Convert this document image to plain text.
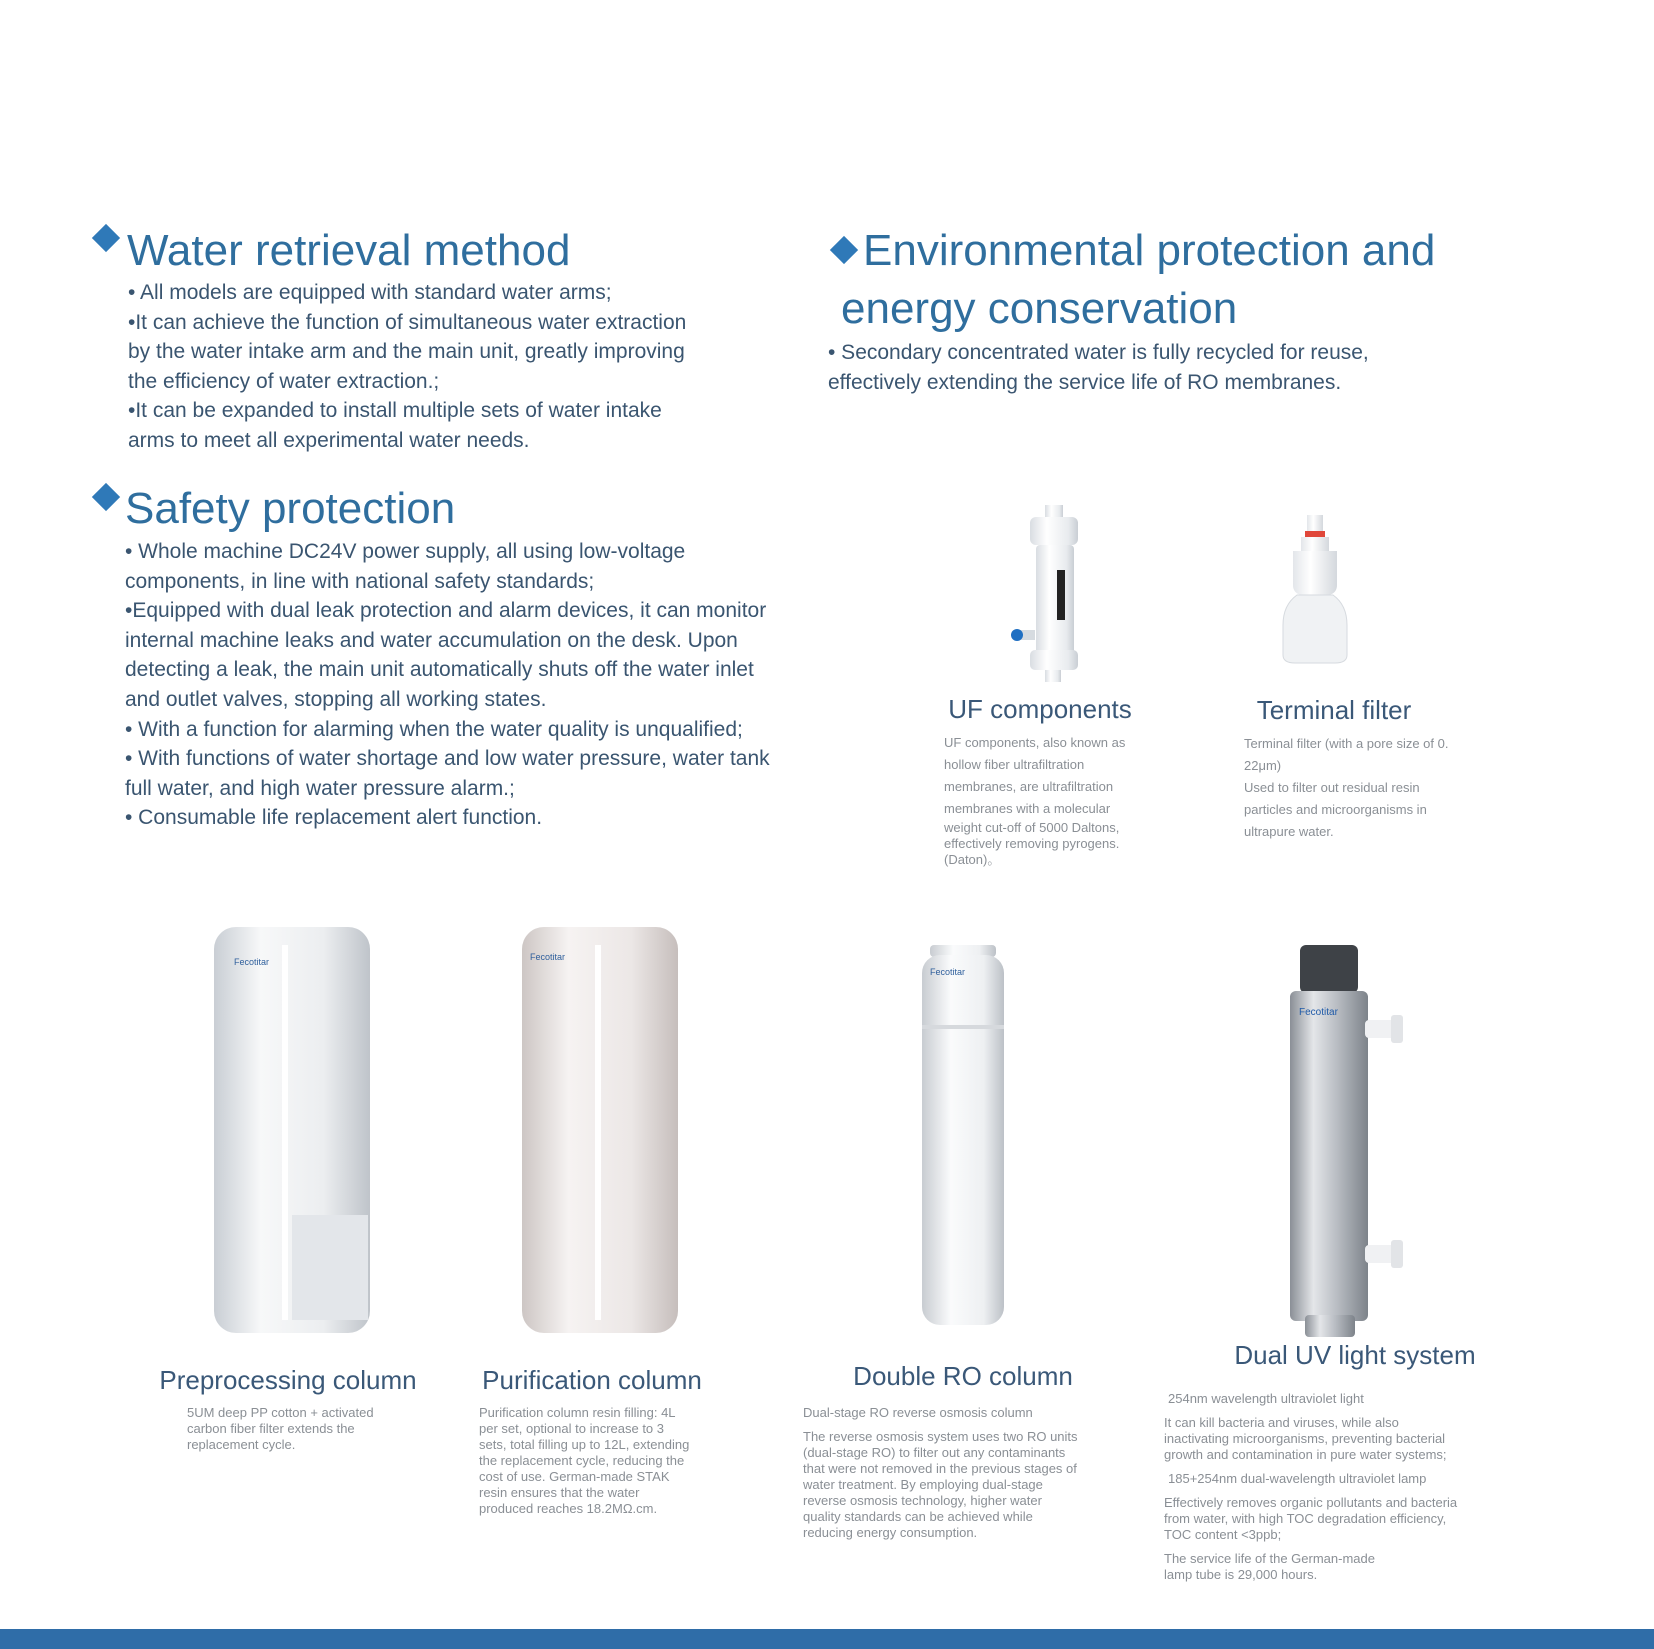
Water retrieval method

• All models are equipped with standard water arms;

•It can achieve the function of simultaneous water extraction

by the water intake arm and the main unit, greatly improving

the efficiency of water extraction.;

•It can be expanded to install multiple sets of water intake

arms to meet all experimental water needs.

Environmental protection and
energy conservation

• Secondary concentrated water is fully recycled for reuse,

effectively extending the service life of RO membranes.

Safety protection

• Whole machine DC24V power supply, all using low-voltage

components, in line with national safety standards;

•Equipped with dual leak protection and alarm devices, it can monitor

internal machine leaks and water accumulation on the desk. Upon

detecting a leak, the main unit automatically shuts off the water inlet

and outlet valves, stopping all working states.

• With a function for alarming when the water quality is unqualified;

• With functions of water shortage and low water pressure, water tank

full water, and high water pressure alarm.;

• Consumable life replacement alert function.

UF components

UF components, also known as

hollow fiber ultrafiltration

membranes, are ultrafiltration

membranes with a molecular

weight cut-off of 5000 Daltons,

effectively removing pyrogens.

(Daton)。

Terminal filter

Terminal filter (with a pore size of 0.

22μm)

Used to filter out residual resin

particles and microorganisms in

ultrapure water.

Fecotitar	Fecotitar
Fecotitar
Fecotitar
Preprocessing column

5UM deep PP cotton + activated

carbon fiber filter extends the

replacement cycle.

Purification column

Purification column resin filling: 4L

per set, optional to increase to 3

sets, total filling up to 12L, extending

the replacement cycle, reducing the

cost of use. German-made STAK

resin ensures that the water

produced reaches 18.2MΩ.cm.

Double RO column

Dual-stage RO reverse osmosis column

The reverse osmosis system uses two RO units

(dual-stage RO) to filter out any contaminants

that were not removed in the previous stages of

water treatment. By employing dual-stage

reverse osmosis technology, higher water

quality standards can be achieved while

reducing energy consumption.

Dual UV light system

254nm wavelength ultraviolet light

It can kill bacteria and viruses, while also

inactivating microorganisms, preventing bacterial

growth and contamination in pure water systems;

185+254nm dual-wavelength ultraviolet lamp

Effectively removes organic pollutants and bacteria

from water, with high TOC degradation efficiency,

TOC content <3ppb;

The service life of the German-made

lamp tube is 29,000 hours.
